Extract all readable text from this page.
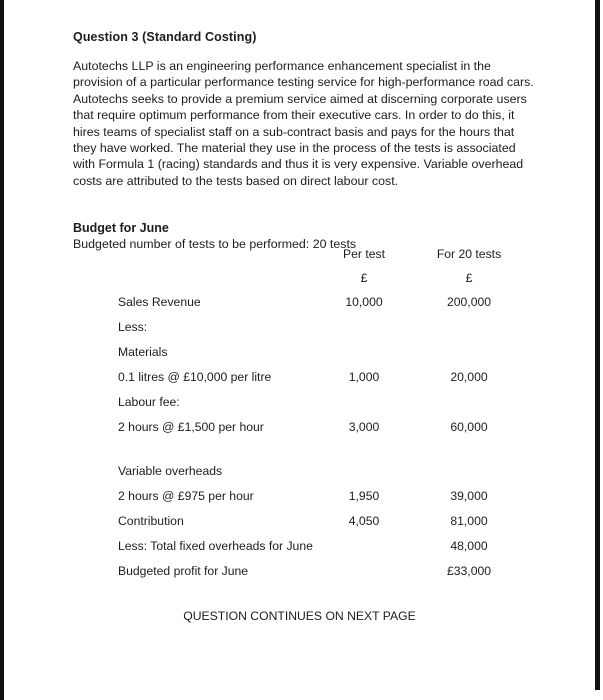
Question 3 (Standard Costing)

Autotechs LLP is an engineering performance enhancement specialist in the provision of a particular performance testing service for high-performance road cars. Autotechs seeks to provide a premium service aimed at discerning corporate users that require optimum performance from their executive cars. In order to do this, it hires teams of specialist staff on a sub-contract basis and pays for the hours that they have worked. The material they use in the process of the tests is associated with Formula 1 (racing) standards and thus it is very expensive. Variable overhead costs are attributed to the tests based on direct labour cost.

Budget for June
Budgeted number of tests to be performed: 20 tests
	Per test	For 20 tests
	£	£
Sales Revenue	10,000	200,000
Less:		
Materials		
0.1 litres @ £10,000 per litre	1,000	20,000
Labour fee:		
2 hours @ £1,500 per hour	3,000	60,000

Variable overheads		
2 hours @ £975 per hour	1,950	39,000
Contribution	4,050	81,000
Less: Total fixed overheads for June		48,000
Budgeted profit for June		£33,000
QUESTION CONTINUES ON NEXT PAGE
